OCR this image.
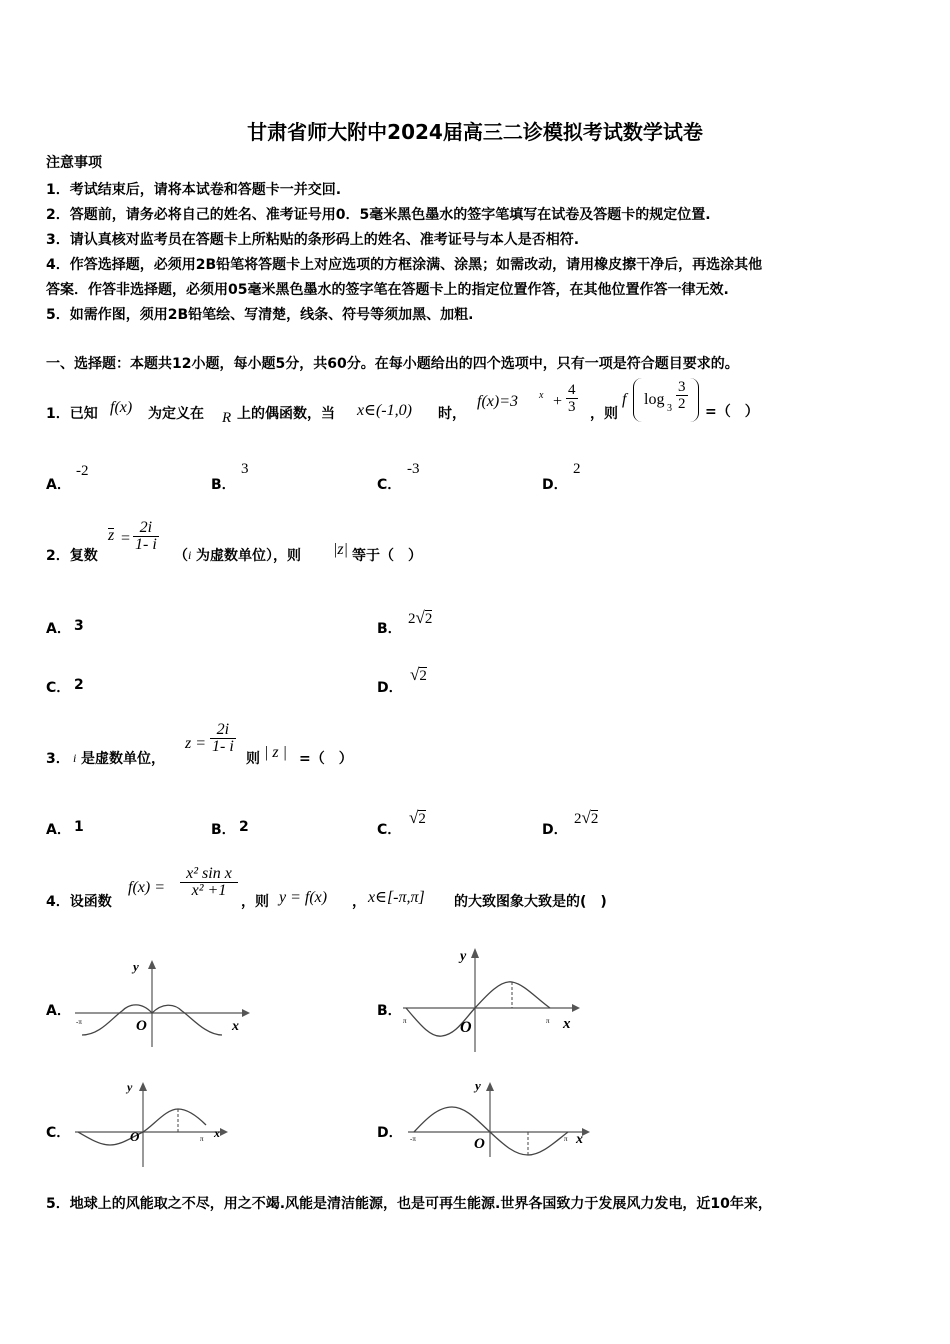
甘肃省师大附中2024届高三二诊模拟考试数学试卷
注意事项
1．考试结束后，请将本试卷和答题卡一并交回.
2．答题前，请务必将自己的姓名、准考证号用0．5毫米黑色墨水的签字笔填写在试卷及答题卡的规定位置.
3．请认真核对监考员在答题卡上所粘贴的条形码上的姓名、准考证号与本人是否相符.
4．作答选择题，必须用2B铅笔将答题卡上对应选项的方框涂满、涂黑；如需改动，请用橡皮擦干净后，再选涂其他
答案．作答非选择题，必须用05毫米黑色墨水的签字笔在答题卡上的指定位置作答，在其他位置作答一律无效.
5．如需作图，须用2B铅笔绘、写清楚，线条、符号等须加黑、加粗.
一、选择题：本题共12小题，每小题5分，共60分。在每小题给出的四个选项中，只有一项是符合题目要求的。
1．已知 f(x) 为定义在 R 上的偶函数，当 x∈(-1,0) 时，
f(x)=3 $x + \frac{4}{3}$ ，则
f log
$3 \frac{3}{2}$ =（　）
A．
-2
B．
3
C．
-3
D．
2
2．复数
$z = \frac{2i}{1- i}$
（ i 为虚数单位），则 |z| 等于（　）
A． 3	B．
2√2
C． 2	D．
√2
3． i 是虚数单位，
$z = \frac{2i}{1- i}$
则 | z | =（　）
A． 1	B． 2	C．
√2
D．
2√2
4．设函数
$f(x) = \frac{\text{x² sin x}}{\text{x² +1}}$
，则 y = f(x) ， x∈[-π,π] 的大致图象大致是的(　)
A．
y
x
O
-π
B．
y
x
O
π	π
C．
y
x
O	π	D．
y
x
O
-π	π
5．地球上的风能取之不尽，用之不竭.风能是清洁能源，也是可再生能源.世界各国致力于发展风力发电，近10年来，
